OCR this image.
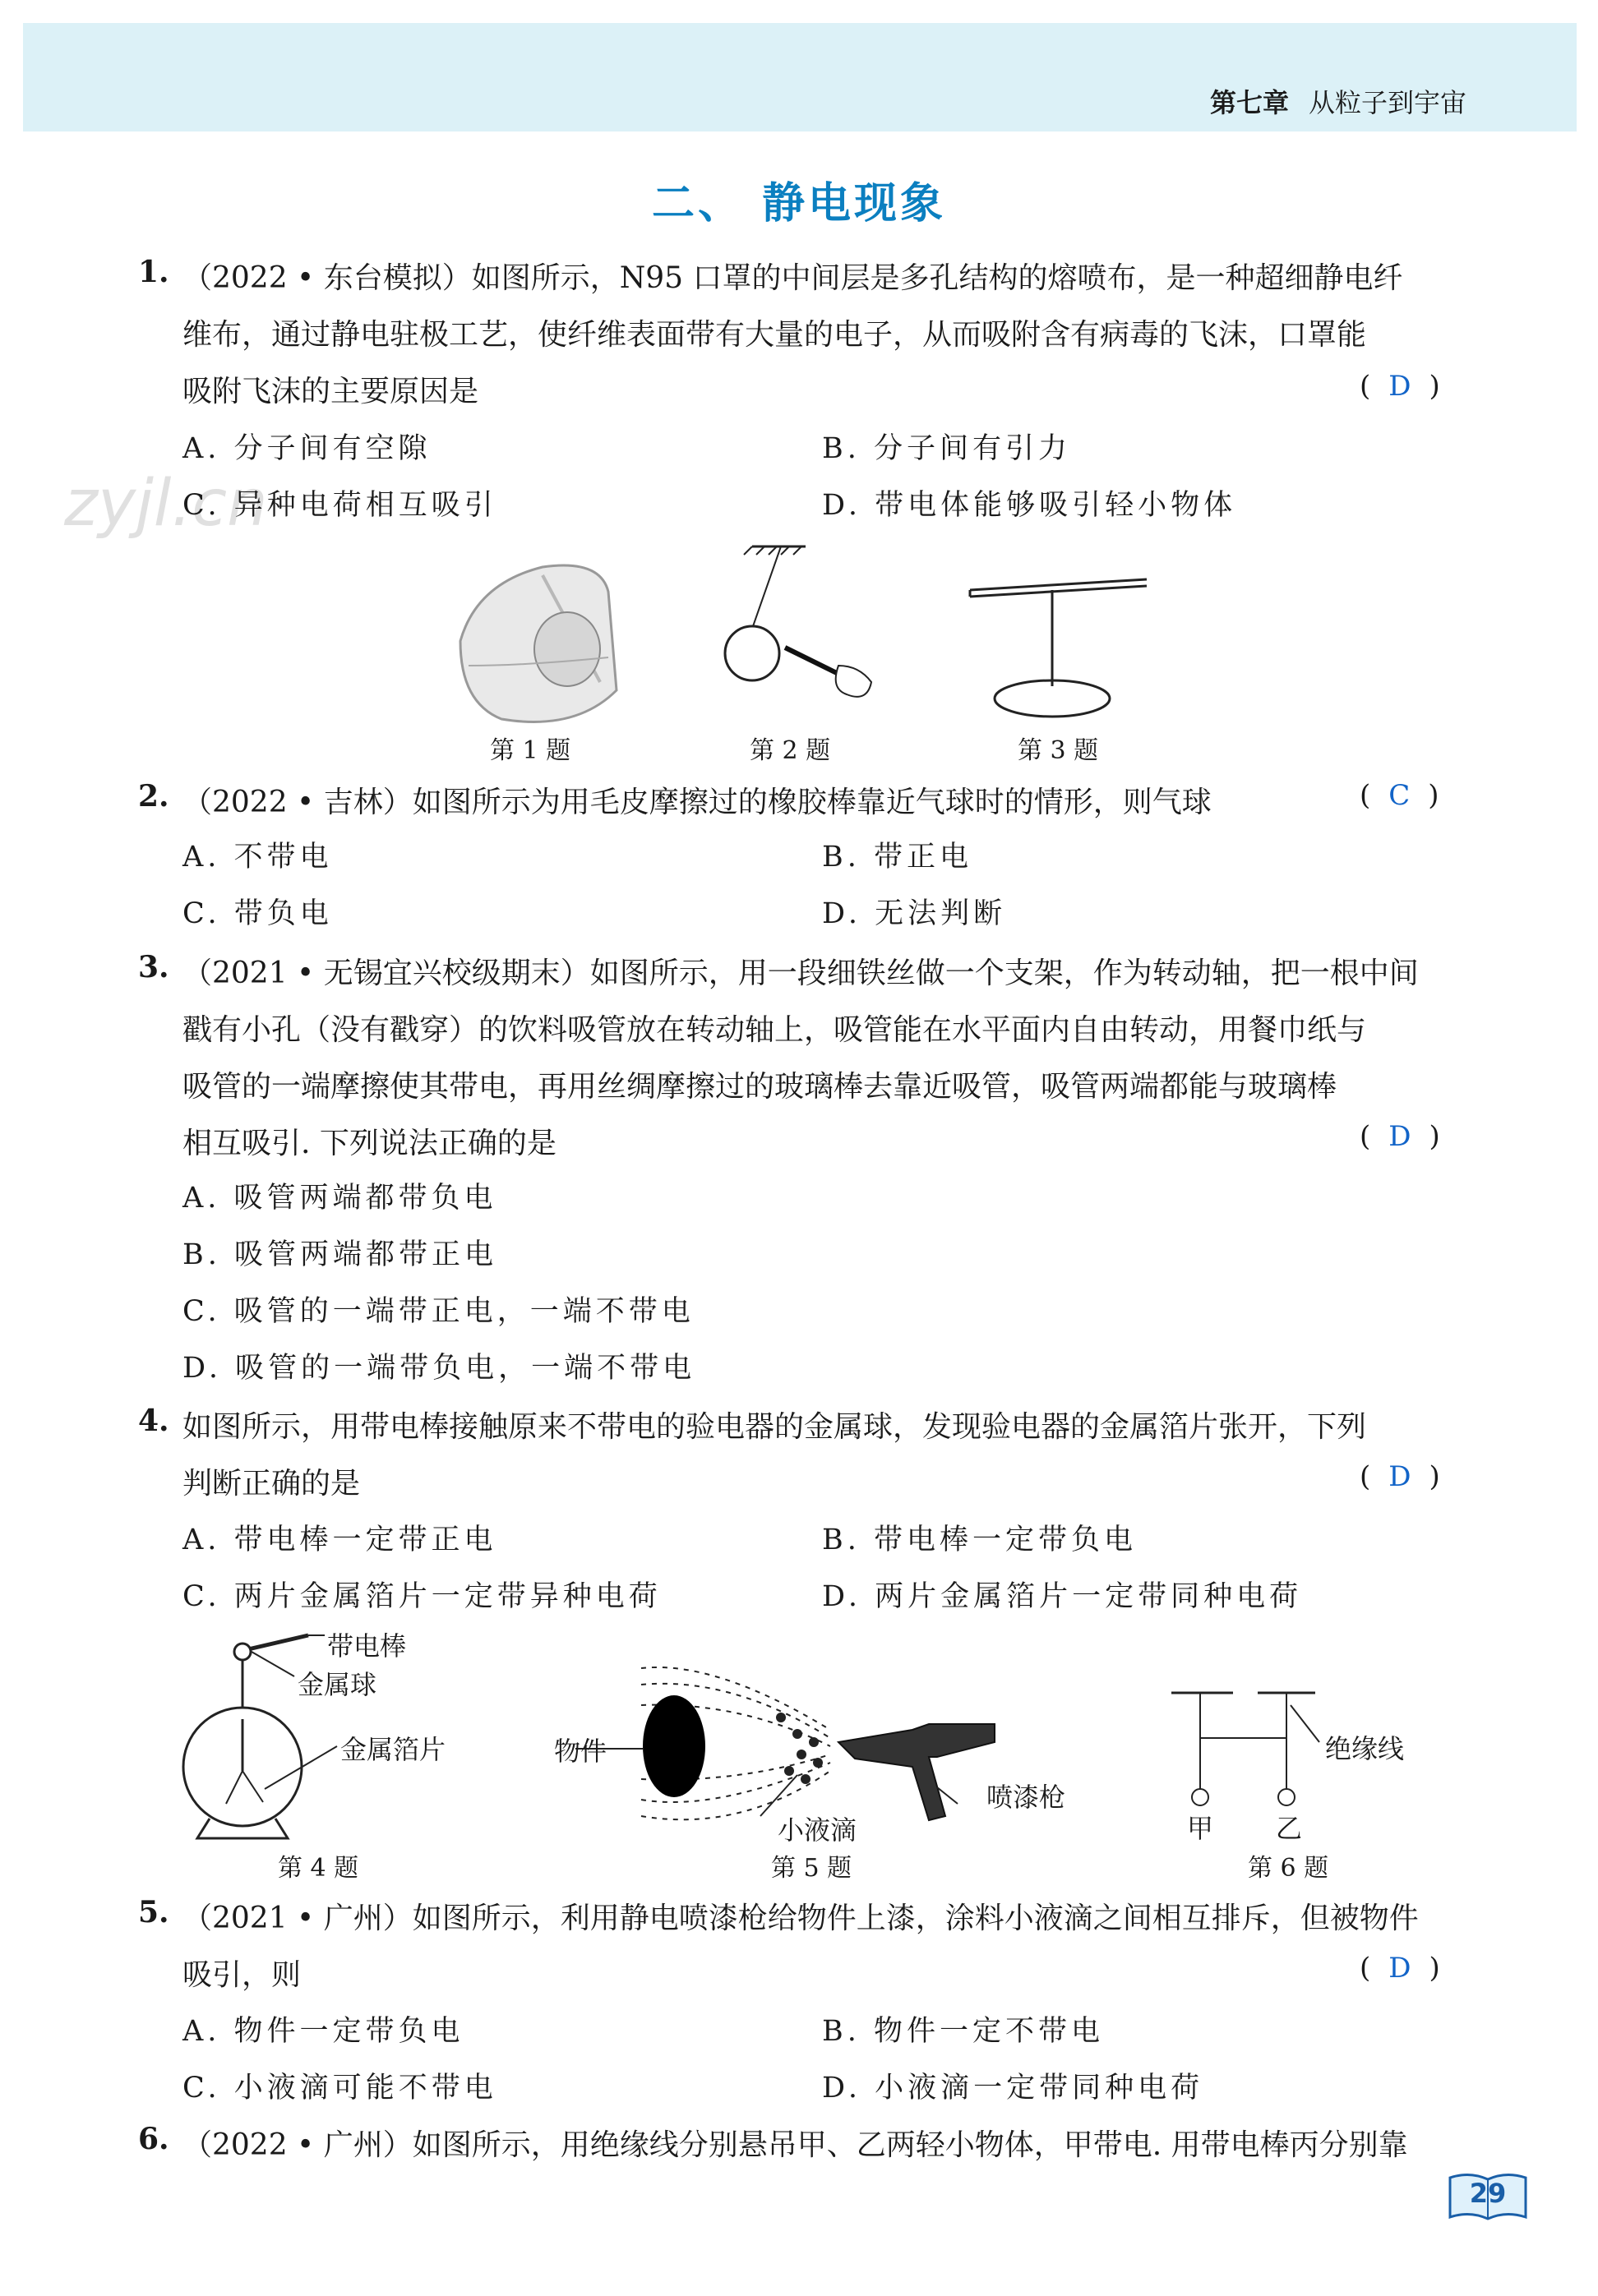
第七章 从粒子到宇宙
二、 静电现象
zyjl.cn
1. （2022 • 东台模拟）如图所示，N95 口罩的中间层是多孔结构的熔喷布，是一种超细静电纤
维布，通过静电驻极工艺，使纤维表面带有大量的电子，从而吸附含有病毒的飞沫，口罩能
吸附飞沫的主要原因是	( D )
A. 分子间有空隙	B. 分子间有引力
C. 异种电荷相互吸引	D. 带电体能够吸引轻小物体
第 1 题	第 2 题	第 3 题
2. （2022 • 吉林）如图所示为用毛皮摩擦过的橡胶棒靠近气球时的情形，则气球	( C )
A. 不带电	B. 带正电
C. 带负电	D. 无法判断
3. （2021 • 无锡宜兴校级期末）如图所示，用一段细铁丝做一个支架，作为转动轴，把一根中间
戳有小孔（没有戳穿）的饮料吸管放在转动轴上，吸管能在水平面内自由转动，用餐巾纸与
吸管的一端摩擦使其带电，再用丝绸摩擦过的玻璃棒去靠近吸管，吸管两端都能与玻璃棒
相互吸引. 下列说法正确的是	( D )
A. 吸管两端都带负电
B. 吸管两端都带正电
C. 吸管的一端带正电，一端不带电
D. 吸管的一端带负电，一端不带电
4. 如图所示，用带电棒接触原来不带电的验电器的金属球，发现验电器的金属箔片张开，下列
判断正确的是	( D )
A. 带电棒一定带正电	B. 带电棒一定带负电
C. 两片金属箔片一定带异种电荷	D. 两片金属箔片一定带同种电荷
带电棒
金属球
金属箔片	物件
小液滴
喷漆枪
绝缘线
甲 乙
第 4 题	第 5 题	第 6 题
5. （2021 • 广州）如图所示，利用静电喷漆枪给物件上漆，涂料小液滴之间相互排斥，但被物件
吸引，则	( D )
A. 物件一定带负电	B. 物件一定不带电
C. 小液滴可能不带电	D. 小液滴一定带同种电荷
6. （2022 • 广州）如图所示，用绝缘线分别悬吊甲、乙两轻小物体，甲带电. 用带电棒丙分别靠
29
